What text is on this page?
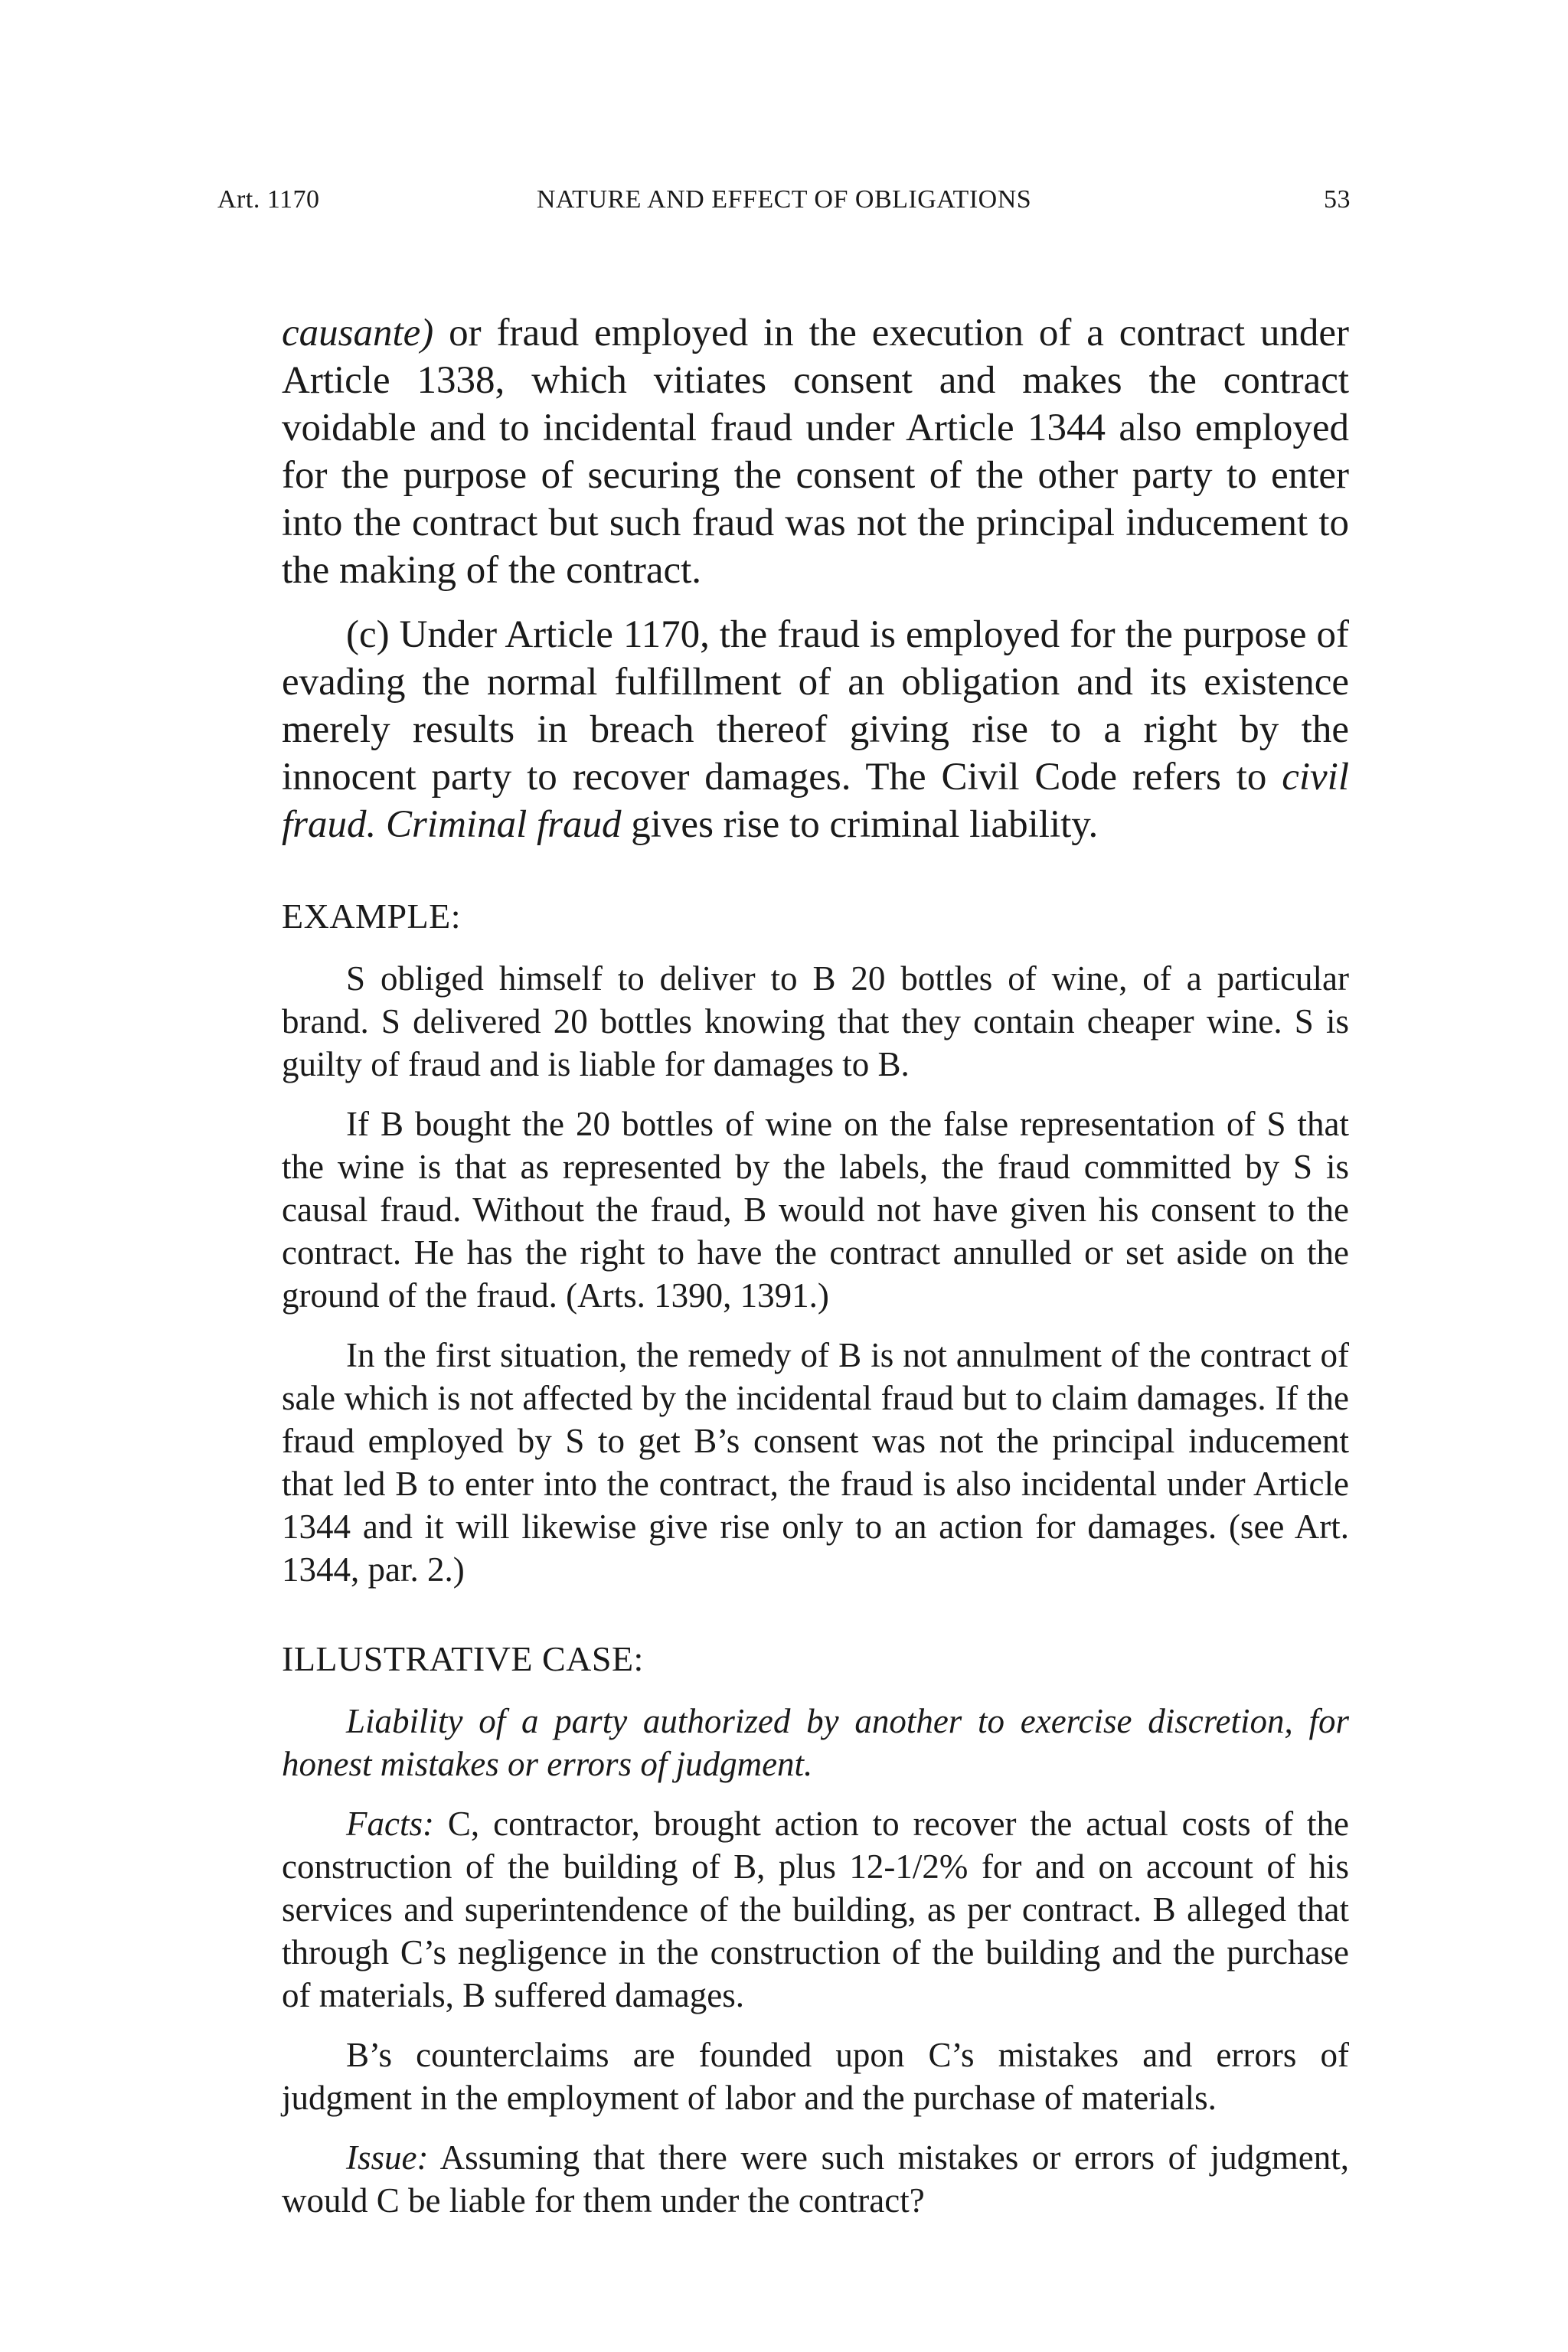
Art. 1170	NATURE AND EFFECT OF OBLIGATIONS	53

causante) or fraud employed in the execution of a contract under Article 1338, which vitiates consent and makes the contract voidable and to incidental fraud under Article 1344 also employed for the purpose of securing the consent of the other party to enter into the contract but such fraud was not the principal inducement to the making of the contract.

(c) Under Article 1170, the fraud is employed for the purpose of evading the normal fulfillment of an obligation and its existence merely results in breach thereof giving rise to a right by the innocent party to recover damages. The Civil Code refers to civil fraud. Criminal fraud gives rise to criminal liability.

EXAMPLE:

S obliged himself to deliver to B 20 bottles of wine, of a particular brand. S delivered 20 bottles knowing that they contain cheaper wine. S is guilty of fraud and is liable for damages to B.

If B bought the 20 bottles of wine on the false representation of S that the wine is that as represented by the labels, the fraud committed by S is causal fraud. Without the fraud, B would not have given his consent to the contract. He has the right to have the contract annulled or set aside on the ground of the fraud. (Arts. 1390, 1391.)

In the first situation, the remedy of B is not annulment of the contract of sale which is not affected by the incidental fraud but to claim damages. If the fraud employed by S to get B’s consent was not the principal inducement that led B to enter into the contract, the fraud is also incidental under Article 1344 and it will likewise give rise only to an action for damages. (see Art. 1344, par. 2.)

ILLUSTRATIVE CASE:

Liability of a party authorized by another to exercise discretion, for honest mistakes or errors of judgment.

Facts: C, contractor, brought action to recover the actual costs of the construction of the building of B, plus 12-1/2% for and on account of his services and superintendence of the building, as per contract. B alleged that through C’s negligence in the construction of the building and the purchase of materials, B suffered damages.

B’s counterclaims are founded upon C’s mistakes and errors of judgment in the employment of labor and the purchase of materials.

Issue: Assuming that there were such mistakes or errors of judgment, would C be liable for them under the contract?
